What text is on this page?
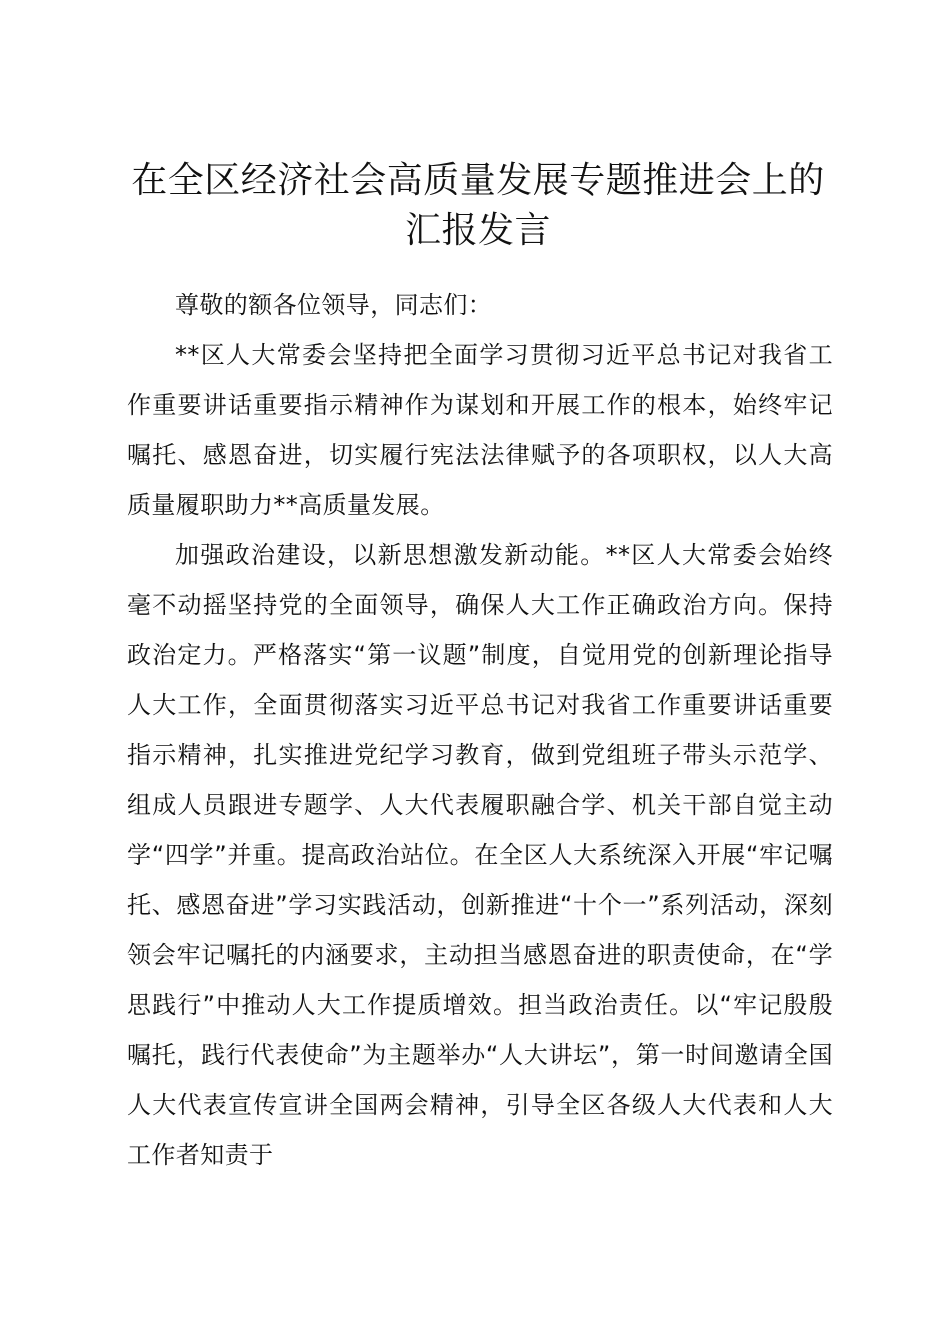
在全区经济社会高质量发展专题推进会上的汇报发言

尊敬的额各位领导，同志们：

**区人大常委会坚持把全面学习贯彻习近平总书记对我省工作重要讲话重要指示精神作为谋划和开展工作的根本，始终牢记嘱托、感恩奋进，切实履行宪法法律赋予的各项职权，以人大高质量履职助力**高质量发展。

加强政治建设，以新思想激发新动能。**区人大常委会始终毫不动摇坚持党的全面领导，确保人大工作正确政治方向。保持政治定力。严格落实“第一议题”制度，自觉用党的创新理论指导人大工作，全面贯彻落实习近平总书记对我省工作重要讲话重要指示精神，扎实推进党纪学习教育，做到党组班子带头示范学、组成人员跟进专题学、人大代表履职融合学、机关干部自觉主动学“四学”并重。提高政治站位。在全区人大系统深入开展“牢记嘱托、感恩奋进”学习实践活动，创新推进“十个一”系列活动，深刻领会牢记嘱托的内涵要求，主动担当感恩奋进的职责使命，在“学思践行”中推动人大工作提质增效。担当政治责任。以“牢记殷殷嘱托，践行代表使命”为主题举办“人大讲坛”，第一时间邀请全国人大代表宣传宣讲全国两会精神，引导全区各级人大代表和人大工作者知责于
